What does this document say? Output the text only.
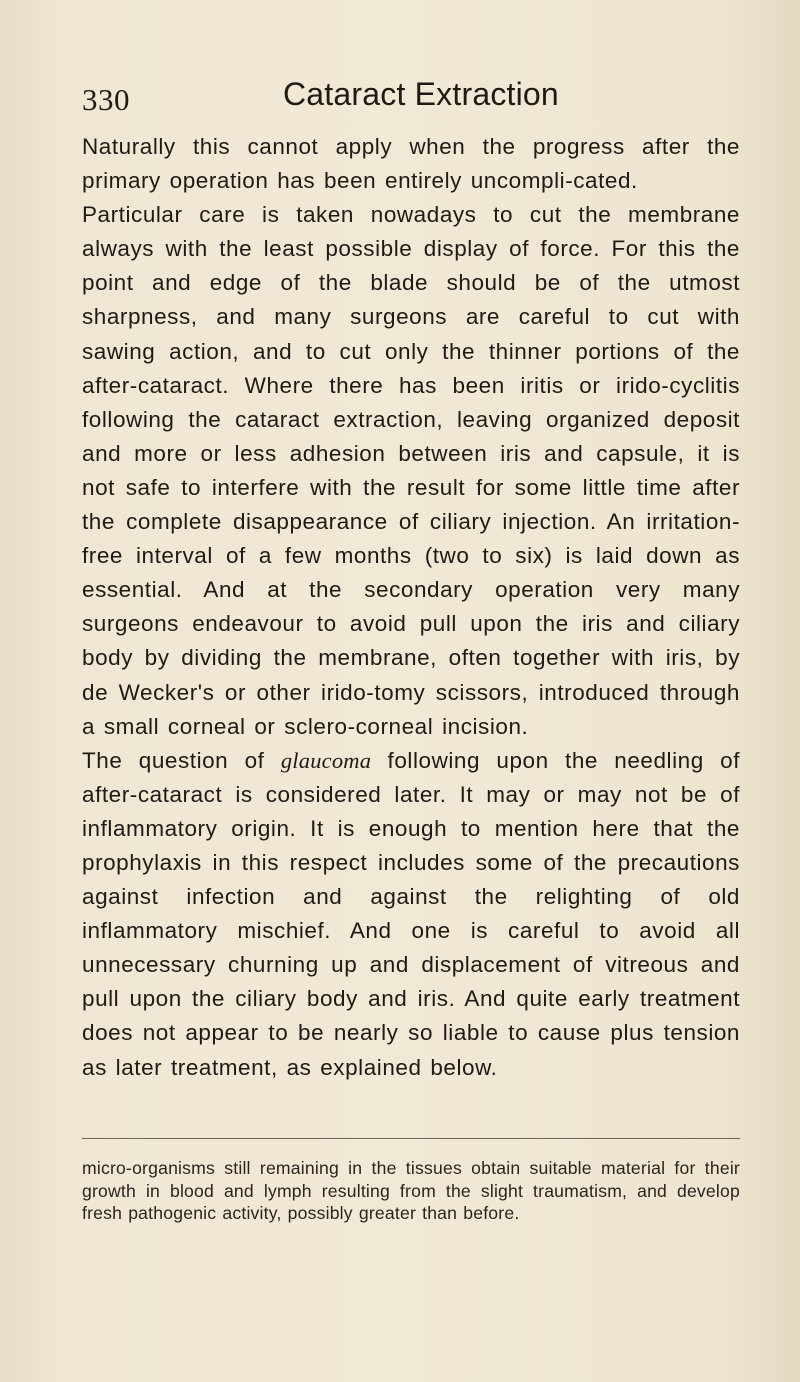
330	Cataract Extraction

Naturally this cannot apply when the progress after the primary operation has been entirely uncompli-cated.

Particular care is taken nowadays to cut the membrane always with the least possible display of force. For this the point and edge of the blade should be of the utmost sharpness, and many surgeons are careful to cut with sawing action, and to cut only the thinner portions of the after-cataract. Where there has been iritis or irido-cyclitis following the cataract extraction, leaving organized deposit and more or less adhesion between iris and capsule, it is not safe to interfere with the result for some little time after the complete disappearance of ciliary injection. An irritation-free interval of a few months (two to six) is laid down as essential. And at the secondary operation very many surgeons endeavour to avoid pull upon the iris and ciliary body by dividing the membrane, often together with iris, by de Wecker's or other irido-tomy scissors, introduced through a small corneal or sclero-corneal incision.

The question of glaucoma following upon the needling of after-cataract is considered later. It may or may not be of inflammatory origin. It is enough to mention here that the prophylaxis in this respect includes some of the precautions against infection and against the relighting of old inflammatory mischief. And one is careful to avoid all unnecessary churning up and displacement of vitreous and pull upon the ciliary body and iris. And quite early treatment does not appear to be nearly so liable to cause plus tension as later treatment, as explained below.

micro-organisms still remaining in the tissues obtain suitable material for their growth in blood and lymph resulting from the slight traumatism, and develop fresh pathogenic activity, possibly greater than before.
